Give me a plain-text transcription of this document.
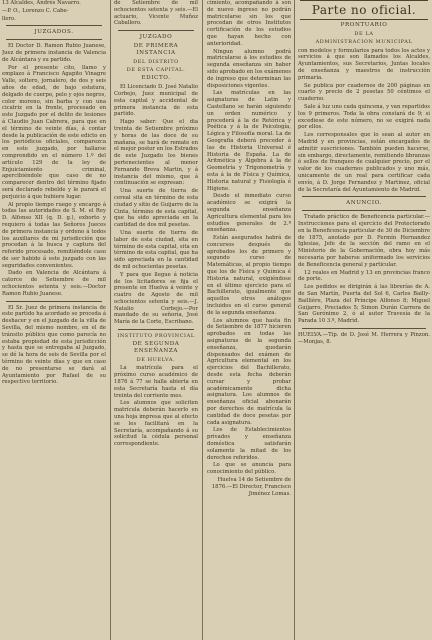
13 Alcaldes, Andrés Navarro.

—P. O., Lorenzo C. Cabe-

llero.

JUZGADOS.

El Doctor D. Ramon Rubio Juanese, Juez de primera instancia de Valencia de Alcántara y su partido.

Por el presente cito, llamo y emplazo á Francisco Agapito Vinagre Valle, soltero, jornalero, de dos y seis años de edad, de bajo estatura, delgado de cuerpo, pelo y ojos negros, color moreno, sin barba y con una cicatriz en la frente, procesado en este Juzgado por el delito de lesiones á Claudio Juan Cabrera, para que en el término de veinte días, á contar desde la publicación de este edicto en los periódicos oficiales, comparezca en este juzgado, por hallarse comprendido en el número 1.º del artículo 129 de la ley de Enjuiciamiento criminal, apercibiéndole que caso de no comparecer dentro del término fijado será declarado rebelde y le parará el perjuicio á que hubiere lugar.

Al propio tiempo ruego y encargo á todas las autoridades de S. M. el Rey D. Alfonso XII (q. D. g.), exhorto y requiero á todas las Señores Jueces de primera instancia y ordeno á todos los auxiliares de mi jurisdicción que procedan á la busca y captura del referido procesado, remitiéndole caso de ser habido á este juzgado con las seguridades convenientes.

Dado en Valencia de Alcántara á catorce de Setiembre de mil ochocientos setenta y seis.—Doctor Ramon Rubio Juanese.

El Sr. Juez de primera instancia de este partido ha acordado se proceda á deshacer y en el juzgado de la villa de Sevilla, del mismo nombre, en el de tránsito público que como parecía no estaba propiedad de esta jurisdicción y hasta que se entregaba al Juzgado, se dé la hora de seis de Sevilla por el término de veinte días y que en caso de no presentarse se dará al Ayuntamiento por Rafael de su respectivo territorio.

de Setiembre de mil ochocientos setenta y seis.—El actuario, Vicente Muñoz Caballero.

JUZGADO
DE PRIMERA INSTANCIA
DEL DISTRITO
DE ESTA CAPITAL.
EDICTO.

El Licenciado D. José Natalio Corbejo, Juez municipal de esta capital y accidental de primera instancia de esta partido.

Hago saber: Que el dia treinta de Setiembre próximo y horas de las doce de su mañana, se hará de remate en el mejor postor en los Estrados de este Juzgado los bienes pertenecientes al menor Fernando Breva Martin, y á instancia del mismo, que á continuación se expresan:

Una suerte de tierra de cereal sita en término de esta ciudad y sitio de Guijarro de la Cinta, término de esta capital, que ha sido apreciada en la cantidad de dos mil pesetas.

Una suerte de tierra de labor de esta ciudad, sita en término de esta capital, sita en término de esta capital, que ha sido apreciada en la cantidad de mil ochocientas pesetas.

Y para que llegue á noticia de los licitadores se fija el presente en Huelva á veinte y cuatro de Agosto de mil ochocientos setenta y seis.—J. Natalio Corbejo.—Por mandado de su señoría, José María de la Corte, Escribano.

INSTITUTO PROVINCIAL
DE SEGUNDA ENSEÑANZA
DE HUELVA.

La matrícula para el próximo curso académico de 1876 á 77 se halla abierta en esta Secretaría hasta el día treinta del corriente mes.

Los alumnos que soliciten matrícula deberán hacerlo en una hoja impresa que al efecto se les facilitará en la Secretaría, acompañando á su solicitud la cédula personal correspondiente.

cimiento, acompañando á son de nuevo ingreso no podrán matricularse sin los que procedan de otros Institutos certificación de los estudios que hayan hecho con anterioridad.

Ningun alumno podrá matricularse á los estudios de segunda enseñanza sin haber sido aprobado en los exámenes de ingreso que determinan las disposiciones vigentes.

Las matrículas en las asignaturas de Latin y Castellano se harán siguiendo un orden numérico y procederá á la de Retórica y Poética y á la de Psicología, Lógica y Filosofía moral. La de Geografía deberá preceder á las de Historia Universal é Historia de España. La de Aritmética y Álgebra á la de Geometría y Trigonometría y esta á la de Física y Química, Historia natural y Fisiología é Higiene.

Desde el inmediato curso académico se exigirá la segunda enseñanza Agricultura elemental para los estudios generales de 2.ª enseñanza.

Están asegurados habrá de concursos después de aprobados los de primero y segundo curso de Matemáticas, al propio tiempo que los de Física y Química é Historia natural, exigiéndose en el último ejercicio para el Bachillerato, igualmente que aquellos otros análogos incluidos en el curso general de la segunda enseñanza.

Los alumnos que hasta fin de Setiembre de 1877 hicieren aprobados en todas las asignaturas de la segunda enseñanza, quedarán dispensados del exámen de Agricultura elemental en los ejercicios del Bachillerato, desde esta fecha deberán cursar y probar académicamente dicha asignatura. Los alumnos de enseñanza oficial abonarán por derechos de matrícula la cantidad de doce pesetas por cada asignatura.

Los de Establecimientos privados y enseñanza doméstica satisfarán solamente la mitad de los derechos referidos.

Lo que se anuncia para conocimiento del público.

Huelva 14 de Setiembre de 1876.—El Director, Francisco Jiménez Lomas.

Parte no oficial.
PRONTUARIO
DE LA
ADMINISTRACION MUNICIPAL

con modelos y formularios para todos los actos y servicios á que son llamados los Alcaldes, Ayuntamientos, sus Secretarios, Juntas locales de enseñanza y maestros de instrucción primaria.

Se publica por cuadernos de 200 páginas en cuarto y precio de 2 pesetas 50 céntimos el cuaderno.

Sale á luz uno cada quincena, y van repartidos los 9 primeros. Toda la obra constará de 9; si excediese de este número, no se exigirá nada por ellos.

Los corresponsales que lo sean al autor en Madrid y en provincias, están encargados de admitir suscriciones. También pueden hacerse, sin embargo, directamente, remitiendo libranzas ó sellos de franqueo de cualquier precio, por el valor de los cuadernos publicados y uno más, unicamente de un real para certificar cada envío, á D. Jorge Fernandez y Martinez, oficial de la Secretaría del Ayuntamiento de Madrid.

ANUNCIO.

Tratado práctico de Beneficencia particular.—Instrucciones para el ejercicio del Protectorado en la Beneficencia particular de 30 de Diciembre de 1875, anotado por D. Fermín Hernandez Iglesias, Jefe de la sección del ramo en el Ministerio de la Gobernación, obra hoy más necesaria por haberse uniformado los servicios de Beneficencia general y particular.

12 reales en Madrid y 13 en provincias franco de porte.

Los pedidos se dirigirán á las librerías de A. de San Martín, Puerta del Sol 6, Carlos Bailly-Baillière, Plaza del Príncipe Alfonso 8; Miguel Guijarro, Preciados 5; Simon Durán Carrera de San Gerónimo 2, ó al autor Travesía de la Parada 10 3.º, Madrid.

HUELVA.—Tip. de D. José M. Herrera y Pinzon.—Monjas, 8.
